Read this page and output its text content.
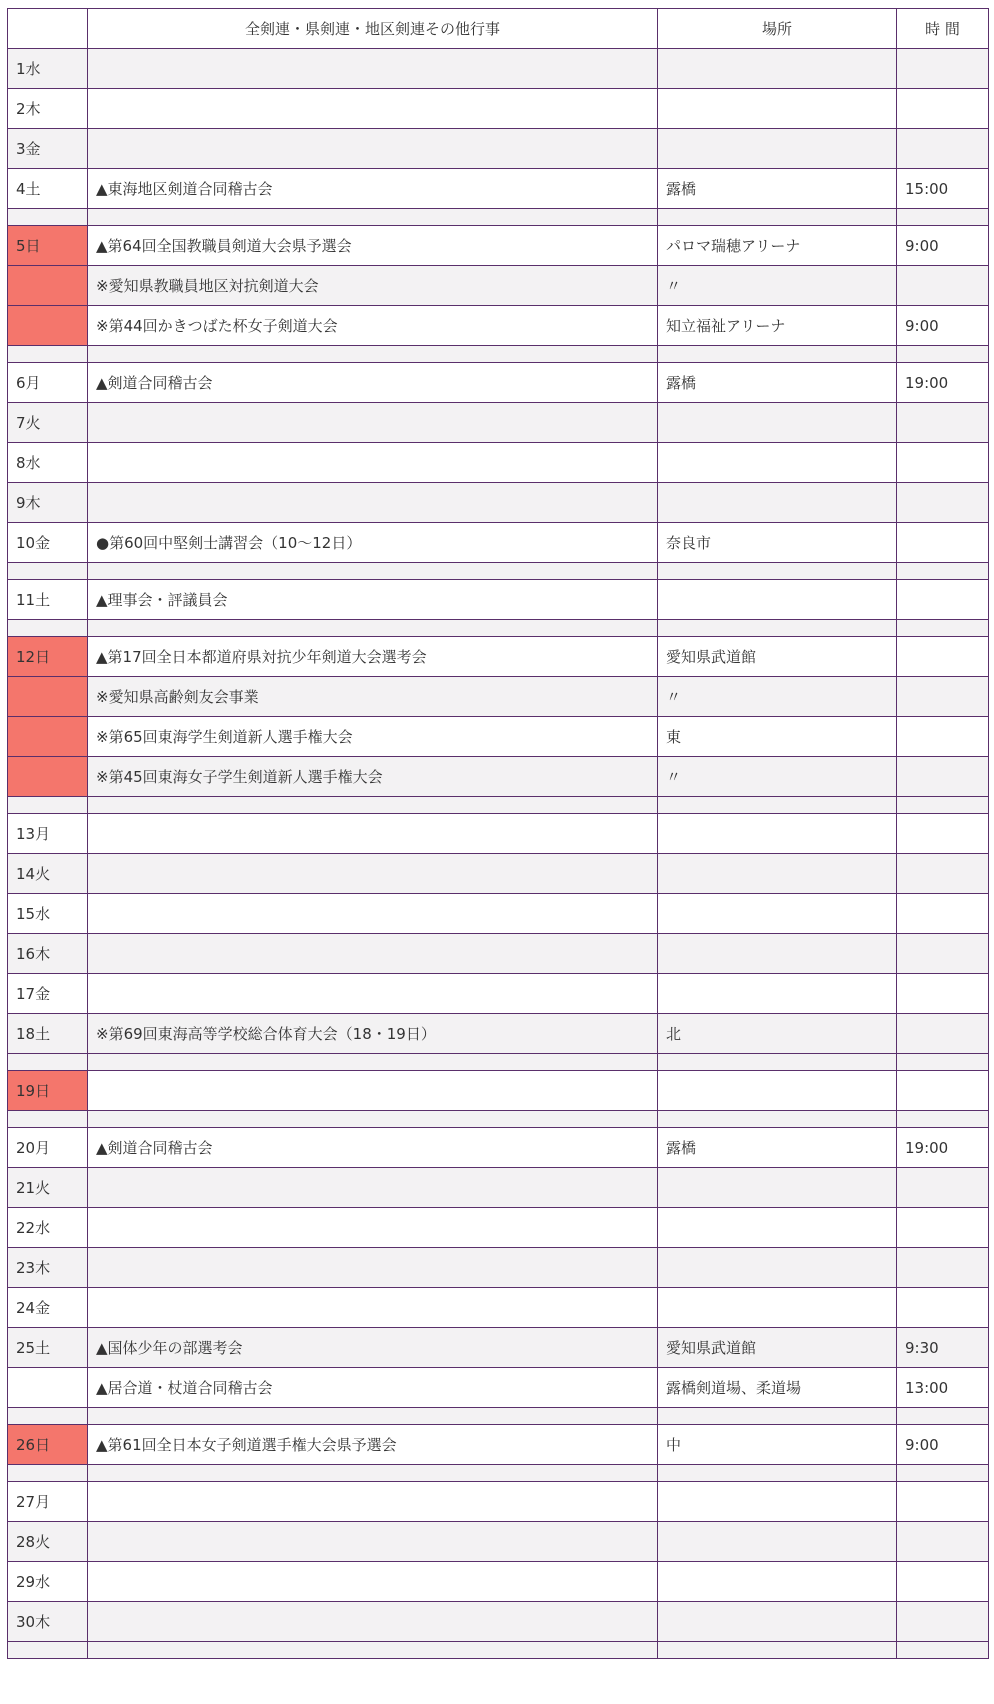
	全剣連・県剣連・地区剣連その他行事	場所	時 間
1水			
2木			
3金			
4土	▲東海地区剣道合同稽古会	露橋	15:00

5日	▲第64回全国教職員剣道大会県予選会	パロマ瑞穂アリーナ	9:00
	※愛知県教職員地区対抗剣道大会	〃	
	※第44回かきつばた杯女子剣道大会	知立福祉アリーナ	9:00

6月	▲剣道合同稽古会	露橋	19:00
7火			
8水			
9木			
10金	●第60回中堅剣士講習会（10〜12日）	奈良市	

11土	▲理事会・評議員会		

12日	▲第17回全日本都道府県対抗少年剣道大会選考会	愛知県武道館	
	※愛知県高齢剣友会事業	〃	
	※第65回東海学生剣道新人選手権大会	東	
	※第45回東海女子学生剣道新人選手権大会	〃	

13月			
14火			
15水			
16木			
17金			
18土	※第69回東海高等学校総合体育大会（18・19日）	北	

19日			

20月	▲剣道合同稽古会	露橋	19:00
21火			
22水			
23木			
24金			
25土	▲国体少年の部選考会	愛知県武道館	9:30
	▲居合道・杖道合同稽古会	露橋剣道場、柔道場	13:00

26日	▲第61回全日本女子剣道選手権大会県予選会	中	9:00

27月			
28火			
29水			
30木			
